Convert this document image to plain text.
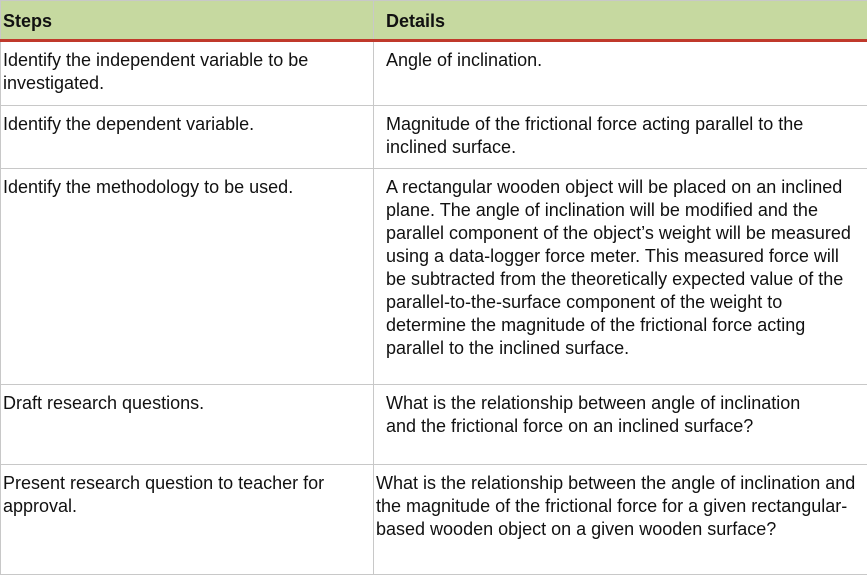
Steps	Details

Identify the independent variable to be investigated.	Angle of inclination.
Identify the dependent variable.	Magnitude of the frictional force acting parallel to the inclined surface.

Identify the methodology to be used.	A rectangular wooden object will be placed on an inclined plane. The angle of inclination will be modified and the parallel component of the object’s weight will be measured using a data-logger force meter. This measured force will be subtracted from the theoretically expected value of the parallel-to-the-surface component of the weight to determine the magnitude of the frictional force acting parallel to the inclined surface.
Draft research questions.	What is the relationship between angle of inclination and the frictional force on an inclined surface?

Present research question to teacher for approval.	What is the relationship between the angle of inclination and the magnitude of the frictional force for a given rectangular-based wooden object on a given wooden surface?
